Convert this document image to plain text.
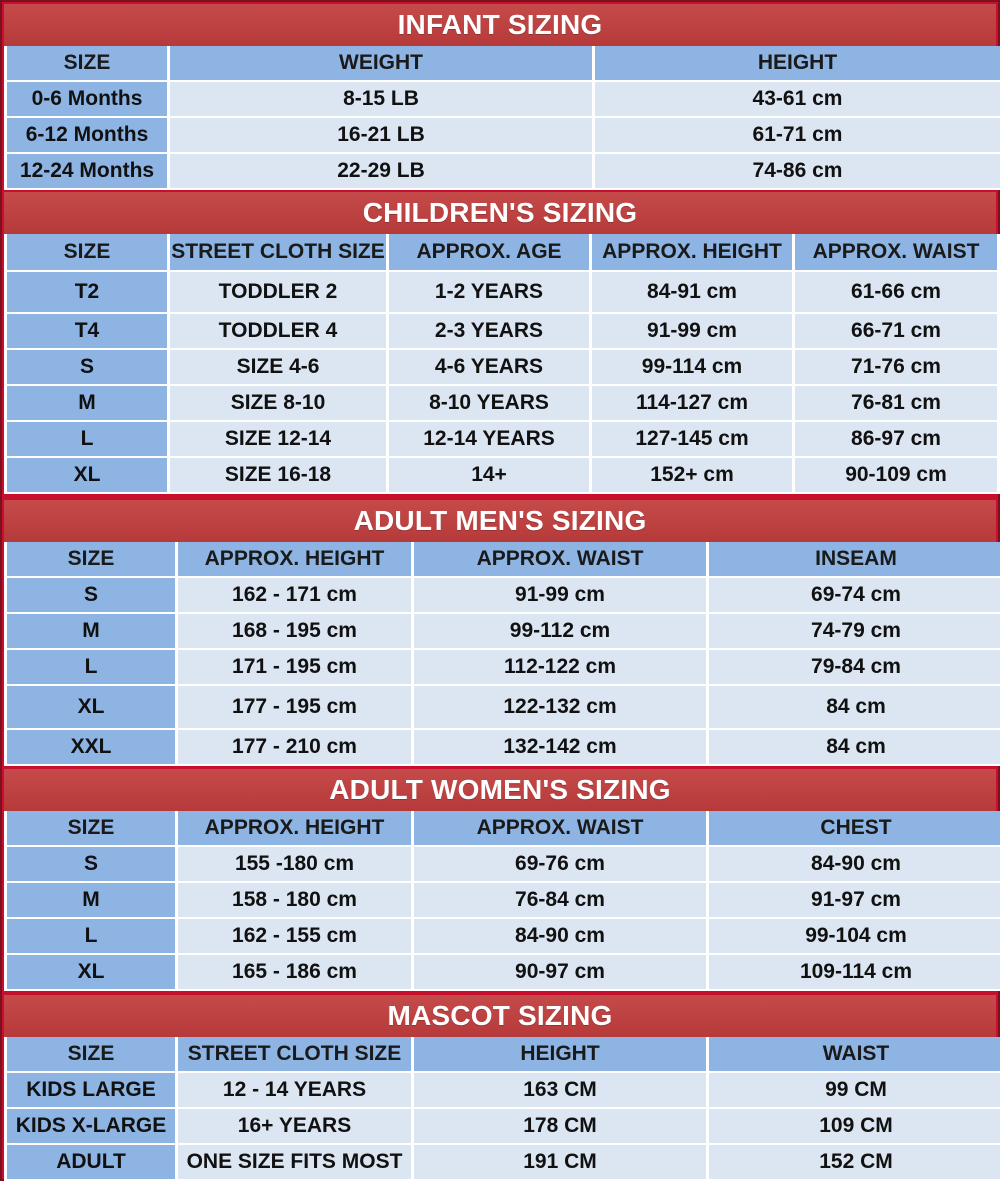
INFANT SIZING
SIZE	WEIGHT	HEIGHT
0-6 Months	8-15 LB	43-61 cm
6-12 Months	16-21 LB	61-71 cm
12-24 Months	22-29 LB	74-86 cm
CHILDREN'S SIZING
SIZE	STREET CLOTH SIZE	APPROX. AGE	APPROX. HEIGHT	APPROX. WAIST
T2	TODDLER 2	1-2 YEARS	84-91 cm	61-66 cm
T4	TODDLER 4	2-3 YEARS	91-99 cm	66-71 cm
S	SIZE 4-6	4-6 YEARS	99-114 cm	71-76 cm
M	SIZE 8-10	8-10 YEARS	114-127 cm	76-81 cm
L	SIZE 12-14	12-14 YEARS	127-145 cm	86-97 cm
XL	SIZE 16-18	14+	152+ cm	90-109 cm
ADULT MEN'S SIZING
SIZE	APPROX. HEIGHT	APPROX. WAIST	INSEAM
S	162 - 171 cm	91-99 cm	69-74 cm
M	168 - 195 cm	99-112 cm	74-79 cm
L	171 - 195 cm	112-122 cm	79-84 cm
XL	177 - 195 cm	122-132 cm	84 cm
XXL	177 - 210 cm	132-142 cm	84 cm
ADULT WOMEN'S SIZING
SIZE	APPROX. HEIGHT	APPROX. WAIST	CHEST
S	155 -180 cm	69-76 cm	84-90 cm
M	158 - 180 cm	76-84 cm	91-97 cm
L	162 - 155 cm	84-90 cm	99-104 cm
XL	165 - 186 cm	90-97 cm	109-114 cm
MASCOT SIZING
SIZE	STREET CLOTH SIZE	HEIGHT	WAIST
KIDS LARGE	12 - 14 YEARS	163 CM	99 CM
KIDS X-LARGE	16+ YEARS	178 CM	109 CM
ADULT	ONE SIZE FITS MOST	191 CM	152 CM
